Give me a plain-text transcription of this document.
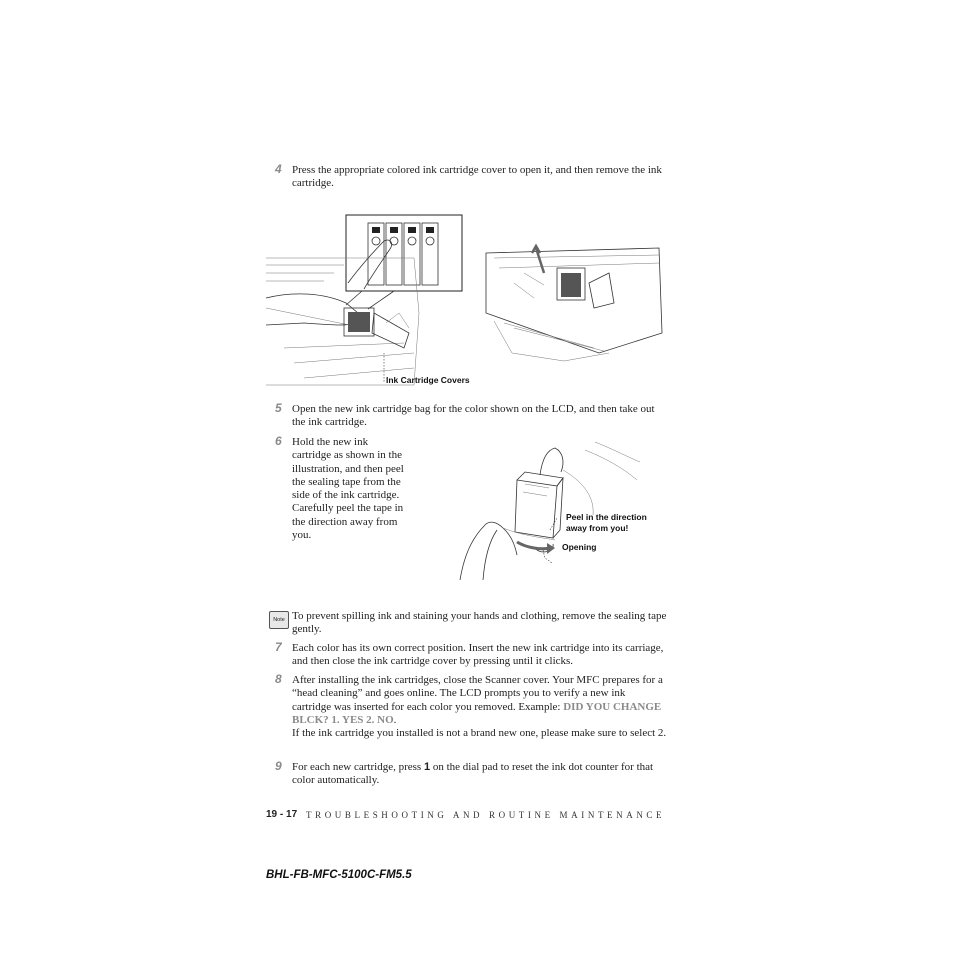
4 Press the appropriate colored ink cartridge cover to open it, and then remove the ink cartridge.
Ink Cartridge Covers
5 Open the new ink cartridge bag for the color shown on the LCD, and then take out the ink cartridge.
6 Hold the new ink cartridge as shown in the illustration, and then peel the sealing tape from the side of the ink cartridge. Carefully peel the tape in the direction away from you.
Peel in the direction away from you!
Opening
Note To prevent spilling ink and staining your hands and clothing, remove the sealing tape gently.
7 Each color has its own correct position. Insert the new ink cartridge into its carriage, and then close the ink cartridge cover by pressing until it clicks.
8 After installing the ink cartridges, close the Scanner cover. Your MFC prepares for a “head cleaning” and goes online. The LCD prompts you to verify a new ink cartridge was inserted for each color you removed. Example: DID YOU CHANGE BLCK? 1. YES 2. NO.
If the ink cartridge you installed is not a brand new one, please make sure to select 2.
9 For each new cartridge, press 1 on the dial pad to reset the ink dot counter for that color automatically.
19 - 17 TROUBLESHOOTING AND ROUTINE MAINTENANCE
BHL-FB-MFC-5100C-FM5.5
